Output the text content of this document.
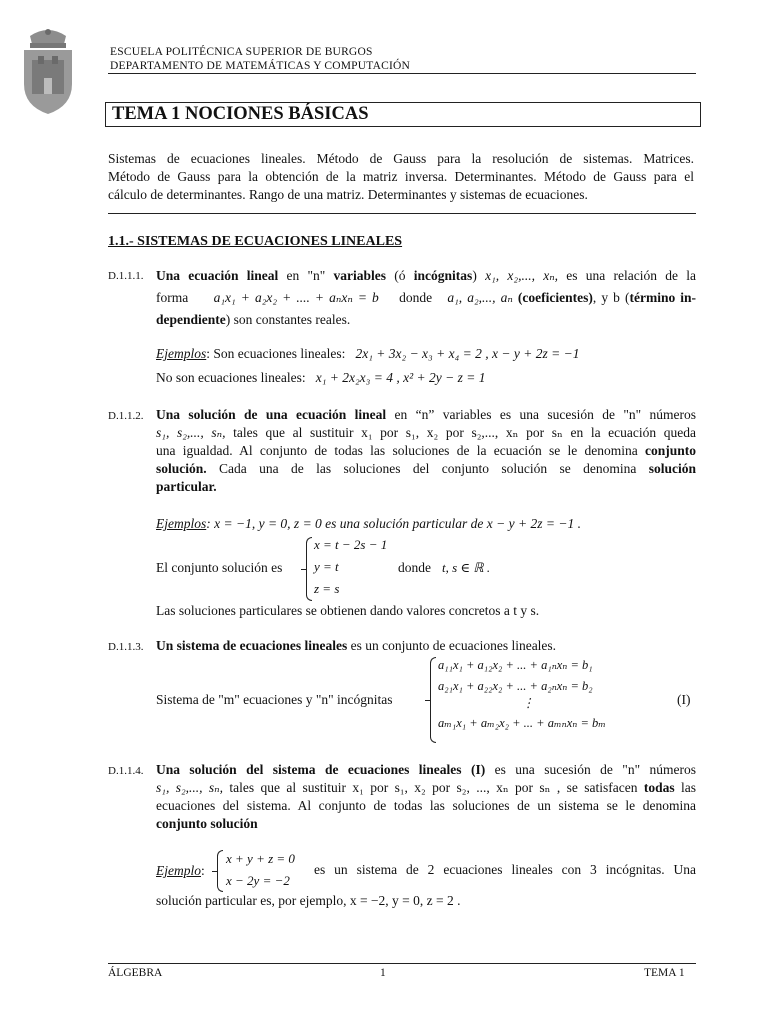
ESCUELA POLITÉCNICA SUPERIOR DE BURGOS
DEPARTAMENTO DE MATEMÁTICAS Y COMPUTACIÓN
TEMA 1 NOCIONES BÁSICAS
Sistemas de ecuaciones lineales. Método de Gauss para la resolución de sistemas. Matrices.
Método de Gauss para la obtención de la matriz inversa. Determinantes. Método de Gauss para el
cálculo de determinantes. Rango de una matriz. Determinantes y sistemas de ecuaciones.
1.1.- SISTEMAS DE ECUACIONES LINEALES
D.1.1.1. Una ecuación lineal en "n" variables (ó incógnitas) x₁, x₂,..., xₙ, es una relación de la
forma a₁x₁ + a₂x₂ + .... + aₙxₙ = b donde a₁, a₂,..., aₙ (coeficientes), y b (término in-
dependiente) son constantes reales.
Ejemplos: Son ecuaciones lineales: 2x₁ + 3x₂ − x₃ + x₄ = 2 , x − y + 2z = −1
No son ecuaciones lineales: x₁ + 2x₂x₃ = 4 , x² + 2y − z = 1
D.1.1.2. Una solución de una ecuación lineal en “n” variables es una sucesión de "n" números
s₁, s₂,..., sₙ, tales que al sustituir x₁ por s₁, x₂ por s₂,..., xₙ por sₙ en la ecuación queda
una igualdad. Al conjunto de todas las soluciones de la ecuación se le denomina conjunto
solución. Cada una de las soluciones del conjunto solución se denomina solución
particular.
Ejemplos: x = −1, y = 0, z = 0 es una solución particular de x − y + 2z = −1 .
El conjunto solución es
x = t − 2s − 1
y = t
z = s
donde t, s ∈ ℝ .
Las soluciones particulares se obtienen dando valores concretos a t y s.
D.1.1.3. Un sistema de ecuaciones lineales es un conjunto de ecuaciones lineales.
Sistema de "m" ecuaciones y "n" incógnitas
a₁₁x₁ + a₁₂x₂ + ... + a₁ₙxₙ = b₁
a₂₁x₁ + a₂₂x₂ + ... + a₂ₙxₙ = b₂
⋮
aₘ₁x₁ + aₘ₂x₂ + ... + aₘₙxₙ = bₘ
(I)
D.1.1.4. Una solución del sistema de ecuaciones lineales (I) es una sucesión de "n" números
s₁, s₂,..., sₙ, tales que al sustituir x₁ por s₁, x₂ por s₂, ..., xₙ por sₙ , se satisfacen todas las
ecuaciones del sistema. Al conjunto de todas las soluciones de un sistema se le denomina
conjunto solución
Ejemplo:
x + y + z = 0
x − 2y = −2
es un sistema de 2 ecuaciones lineales con 3 incógnitas. Una
solución particular es, por ejemplo, x = −2, y = 0, z = 2 .
ÁLGEBRA	1	TEMA 1
